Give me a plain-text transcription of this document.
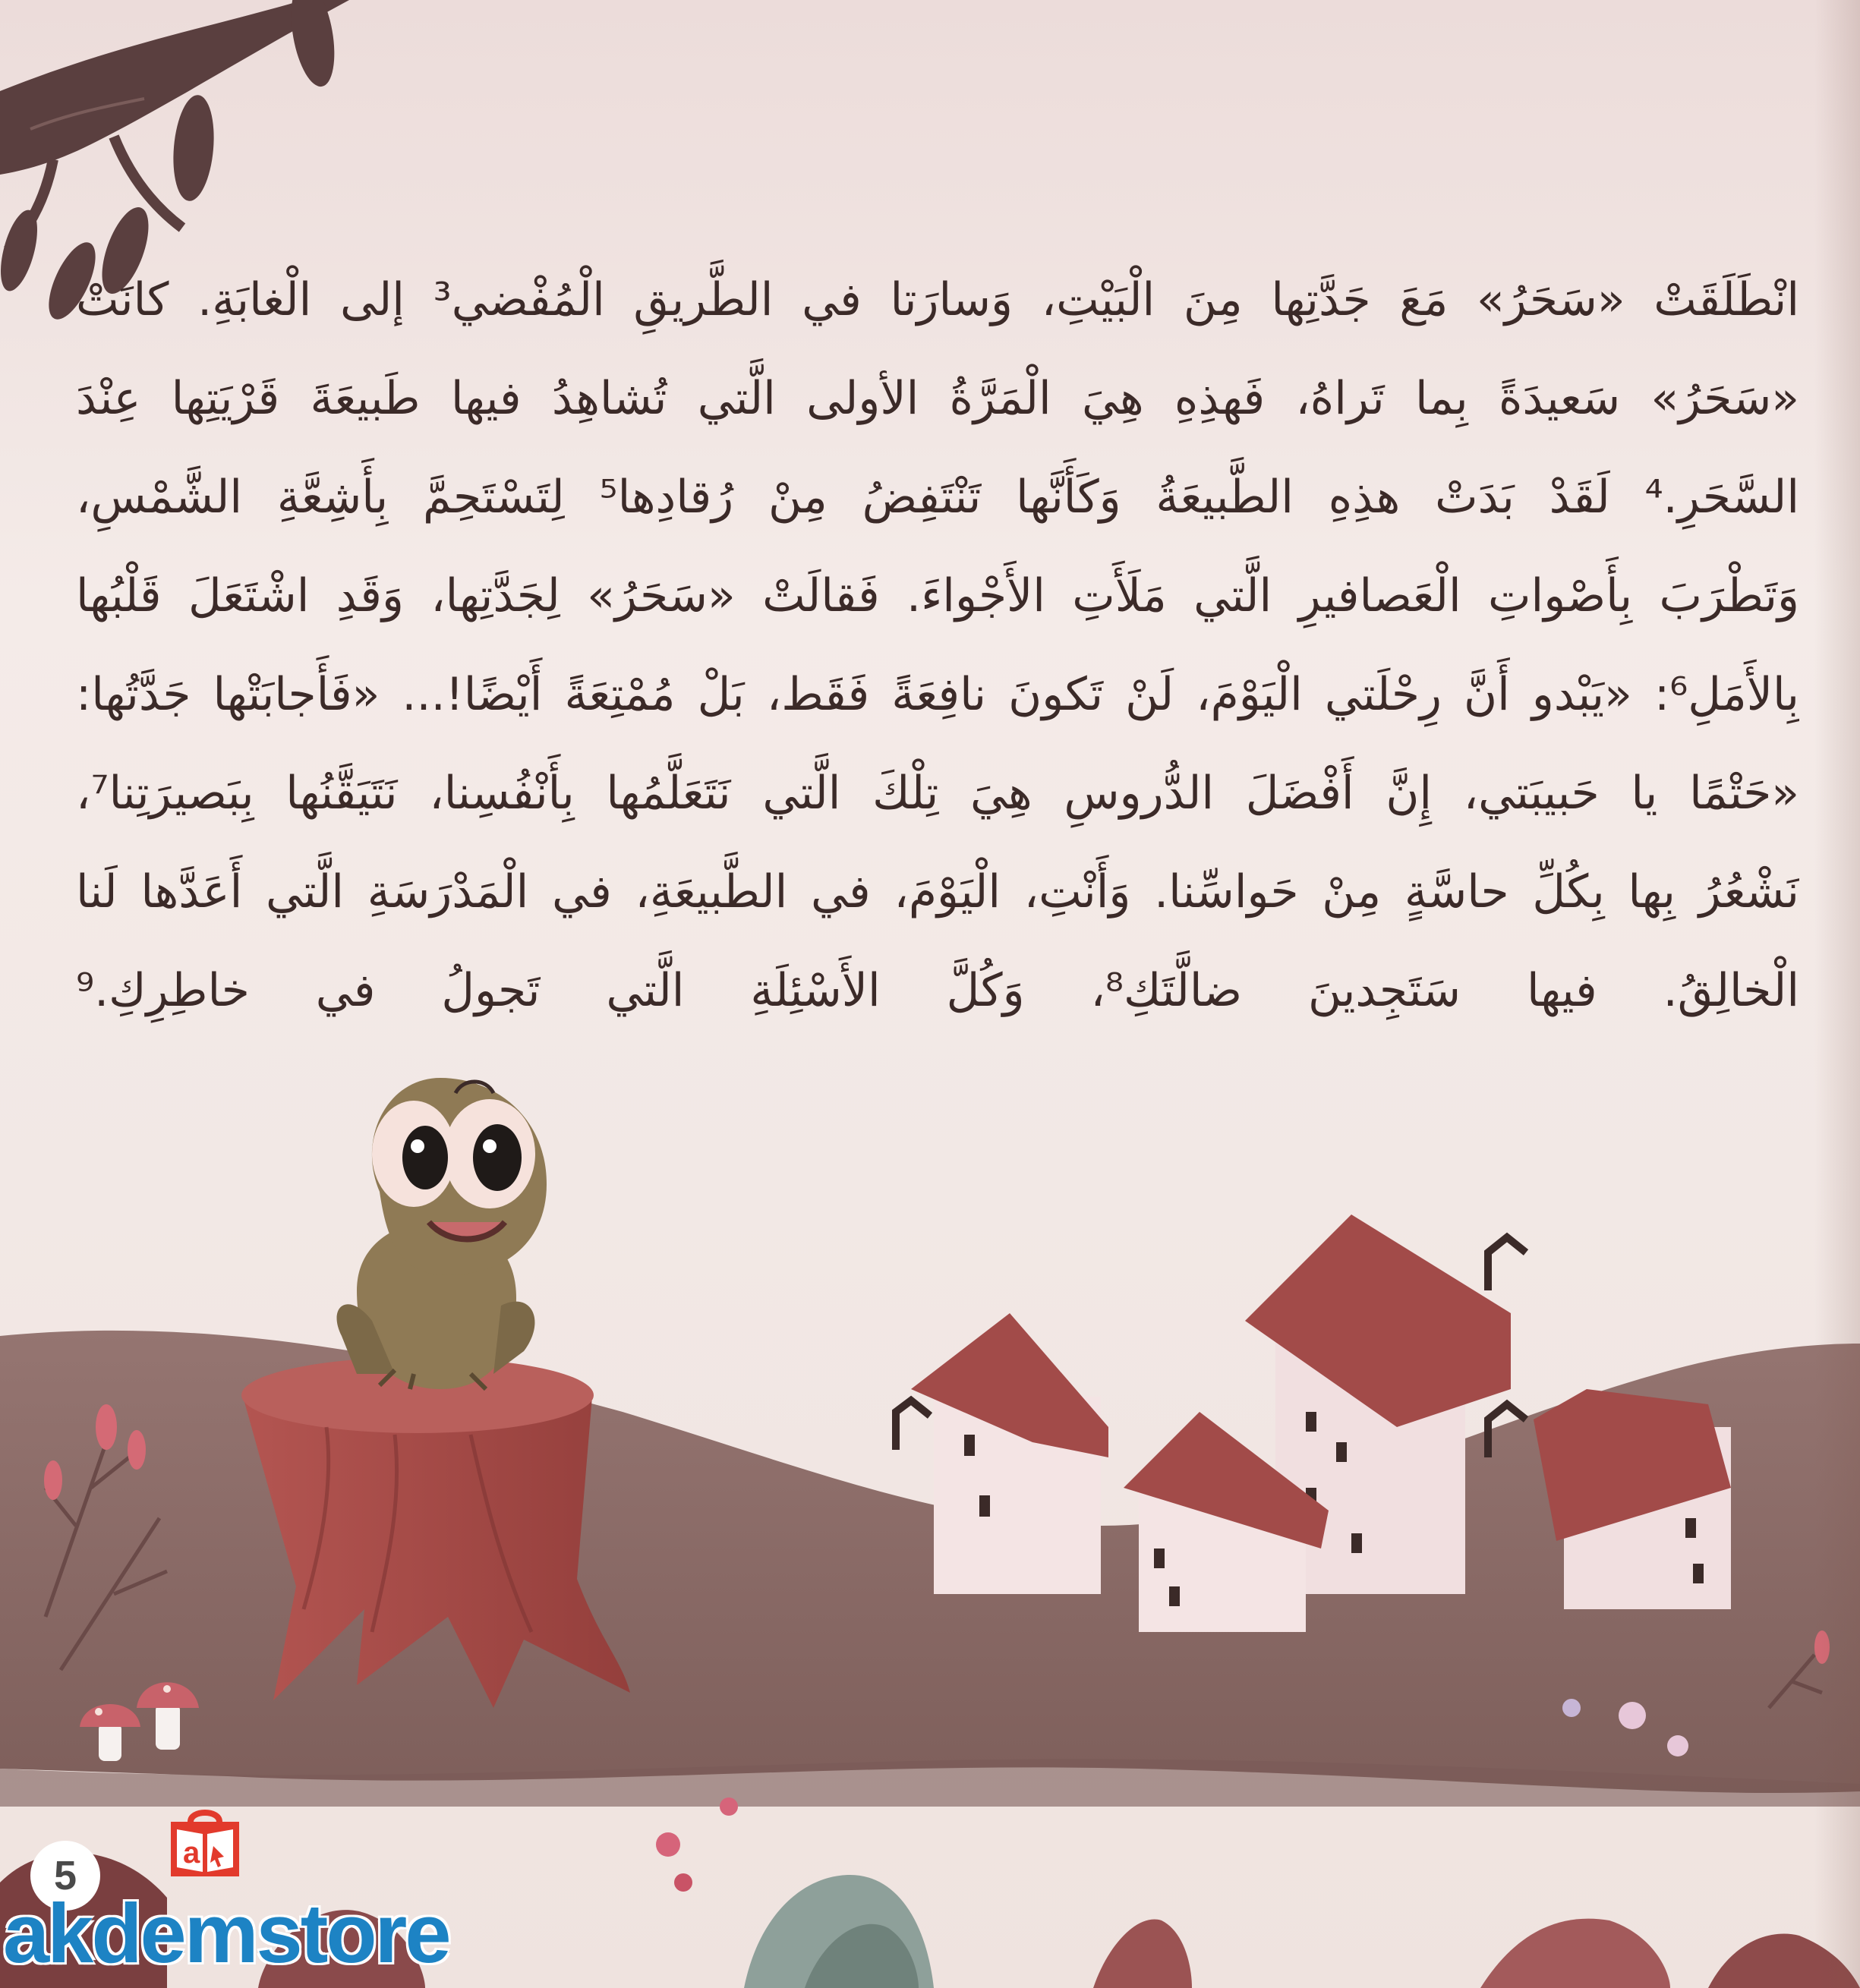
انْطَلَقَتْ «سَحَرُ» مَعَ جَدَّتِها مِنَ الْبَيْتِ، وَسارَتا في الطَّريقِ الْمُفْضي³ إلى الْغابَةِ. كانَتْ
«سَحَرُ» سَعيدَةً بِما تَراهُ، فَهذِهِ هِيَ الْمَرَّةُ الأولى الَّتي تُشاهِدُ فيها طَبيعَةَ قَرْيَتِها عِنْدَ
السَّحَرِ.⁴ لَقَدْ بَدَتْ هذِهِ الطَّبيعَةُ وَكَأَنَّها تَنْتَفِضُ مِنْ رُقادِها⁵ لِتَسْتَحِمَّ بِأَشِعَّةِ الشَّمْسِ،
وَتَطْرَبَ بِأَصْواتِ الْعَصافيرِ الَّتي مَلَأَتِ الأَجْواءَ. فَقالَتْ «سَحَرُ» لِجَدَّتِها، وَقَدِ اشْتَعَلَ قَلْبُها
بِالأَمَلِ⁶: «يَبْدو أَنَّ رِحْلَتي الْيَوْمَ، لَنْ تَكونَ نافِعَةً فَقَط، بَلْ مُمْتِعَةً أَيْضًا!... «فَأَجابَتْها جَدَّتُها:
«حَتْمًا يا حَبيبَتي، إِنَّ أَفْضَلَ الدُّروسِ هِيَ تِلْكَ الَّتي نَتَعَلَّمُها بِأَنْفُسِنا، نَتَيَقَّنُها بِبَصيرَتِنا⁷،
نَشْعُرُ بِها بِكُلِّ حاسَّةٍ مِنْ حَواسِّنا. وَأَنْتِ، الْيَوْمَ، في الطَّبيعَةِ، في الْمَدْرَسَةِ الَّتي أَعَدَّها لَنا
الْخالِقُ. فيها سَتَجِدينَ ضالَّتَكِ⁸، وَكُلَّ الأَسْئِلَةِ الَّتي تَجولُ في خاطِرِكِ.⁹
5	a
akdemstore
